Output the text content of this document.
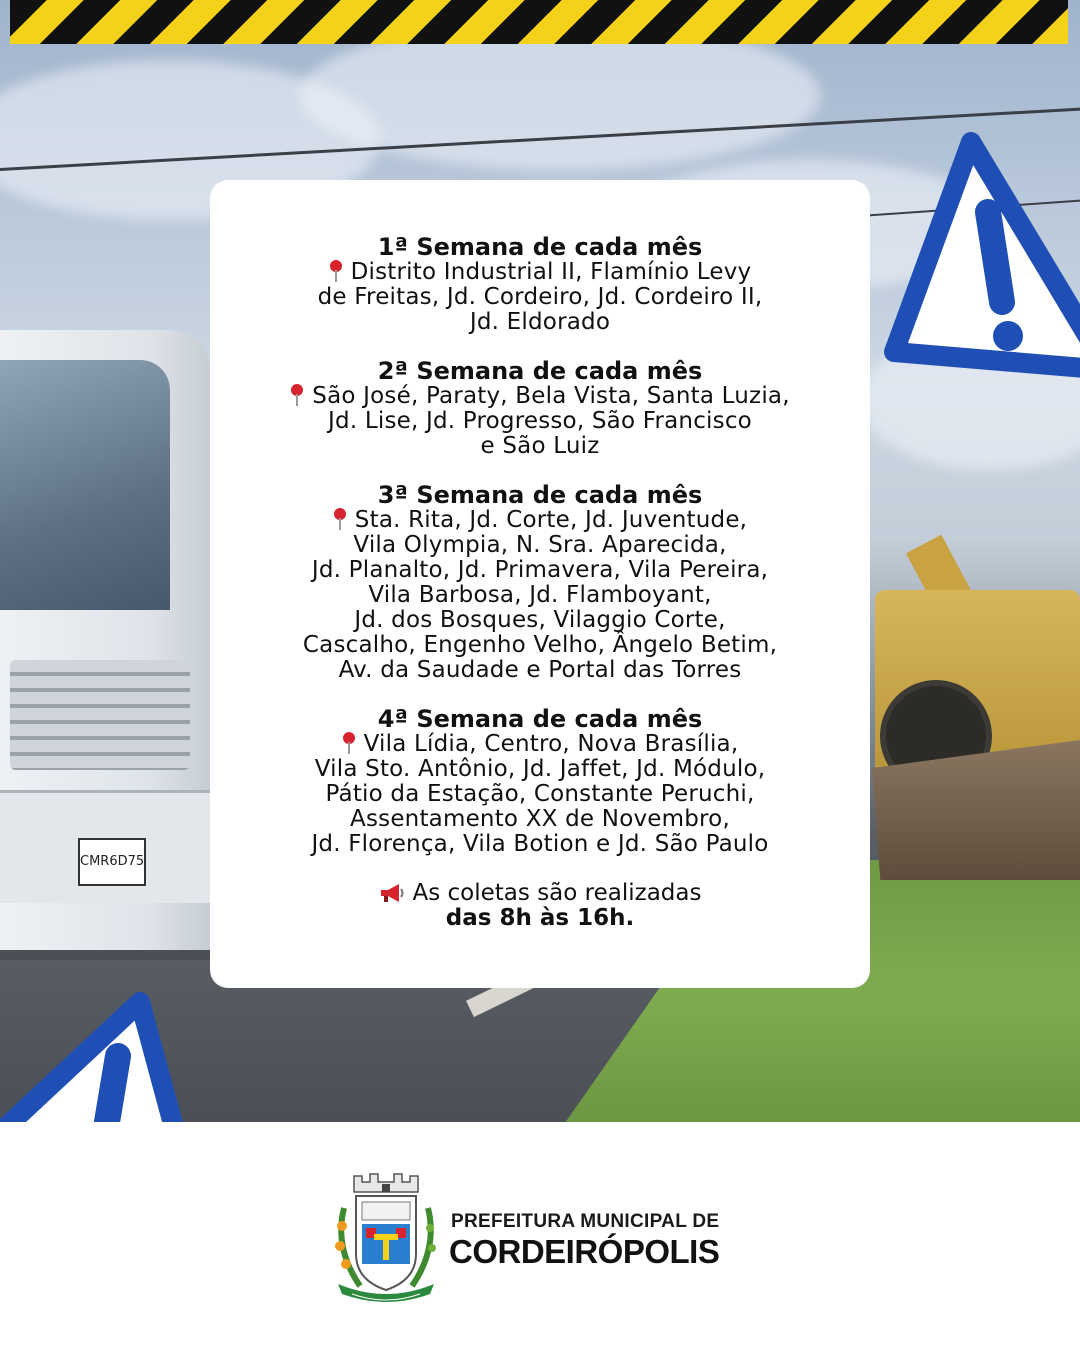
CMR6D75

1ª Semana de cada mês

Distrito Industrial II, Flamínio Levy
de Freitas, Jd. Cordeiro, Jd. Cordeiro II,
Jd. Eldorado

2ª Semana de cada mês

São José, Paraty, Bela Vista, Santa Luzia,
Jd. Lise, Jd. Progresso, São Francisco
e São Luiz

3ª Semana de cada mês

Sta. Rita, Jd. Corte, Jd. Juventude,
Vila Olympia, N. Sra. Aparecida,
Jd. Planalto, Jd. Primavera, Vila Pereira,
Vila Barbosa, Jd. Flamboyant,
Jd. dos Bosques, Vilaggio Corte,
Cascalho, Engenho Velho, Ângelo Betim,
Av. da Saudade e Portal das Torres

4ª Semana de cada mês

Vila Lídia, Centro, Nova Brasília,
Vila Sto. Antônio, Jd. Jaffet, Jd. Módulo,
Pátio da Estação, Constante Peruchi,
Assentamento XX de Novembro,
Jd. Florença, Vila Botion e Jd. São Paulo

As coletas são realizadas

das 8h às 16h.

PREFEITURA MUNICIPAL DE
CORDEIRÓPOLIS
